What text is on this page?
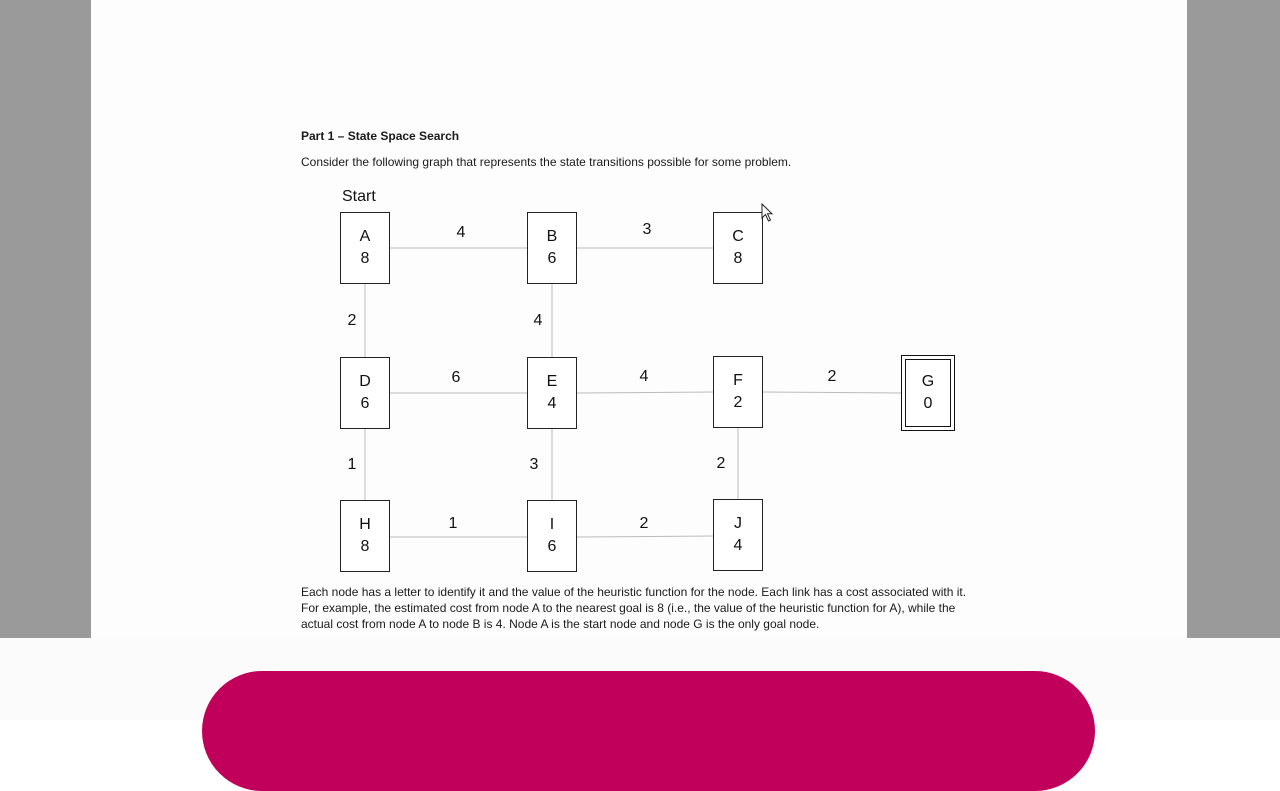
Part 1 – State Space Search
Consider the following graph that represents the state transitions possible for some problem.
Start
4	3
2	4
6	4	2
1	3	2
1	2
A
8
B
6
C
8
D
6
E
4
F
2
G
0
H
8
I
6
J
4
Each node has a letter to identify it and the value of the heuristic function for the node. Each link has a cost associated with it. For example, the estimated cost from node A to the nearest goal is 8 (i.e., the value of the heuristic function for A), while the actual cost from node A to node B is 4. Node A is the start node and node G is the only goal node.
